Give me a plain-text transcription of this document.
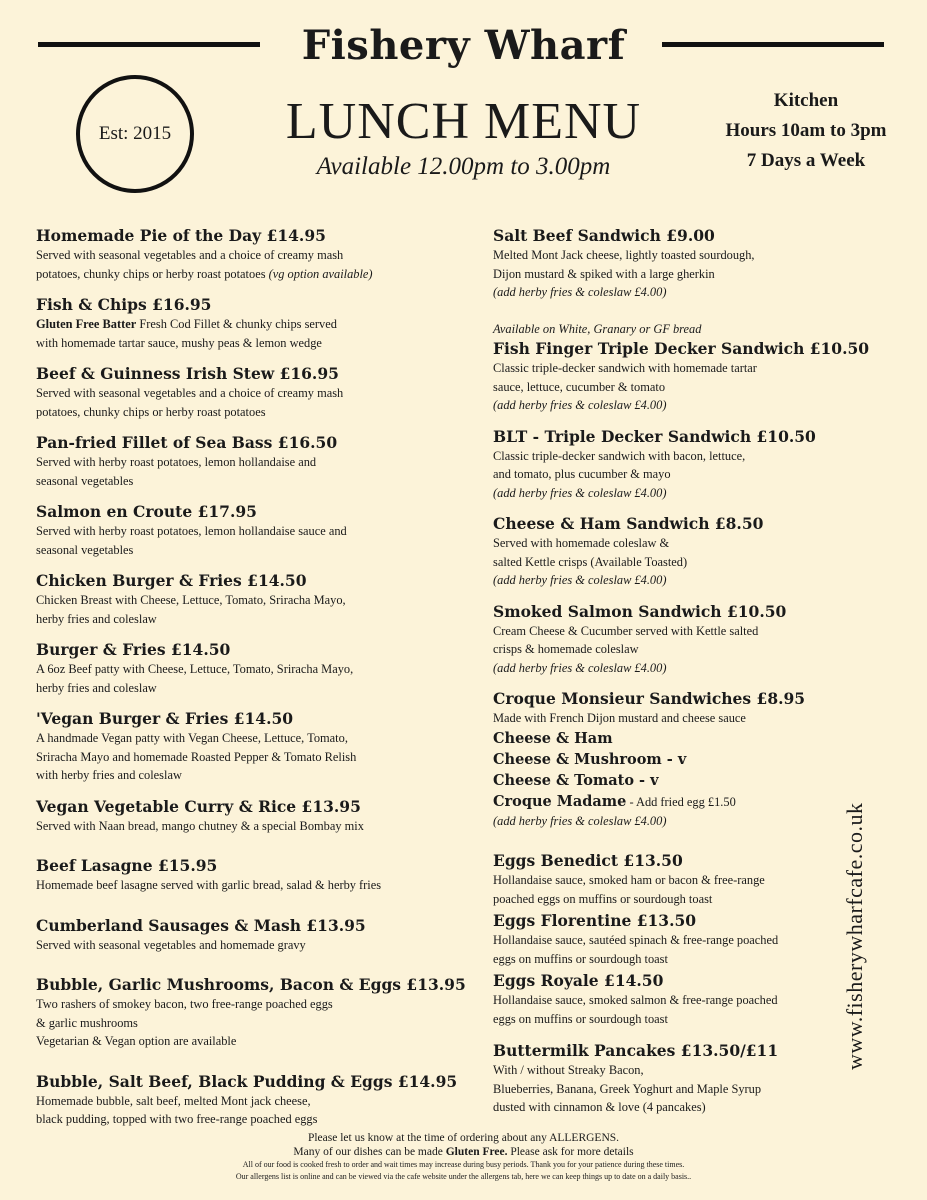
Fishery Wharf
LUNCH MENU
Available 12.00pm to 3.00pm
Est: 2015
Kitchen
Hours 10am to 3pm
7 Days a Week
Homemade Pie of the Day £14.95
Served with seasonal vegetables and a choice of creamy mash
potatoes, chunky chips or herby roast potatoes (vg option available)
Fish & Chips £16.95
Gluten Free Batter Fresh Cod Fillet & chunky chips served
with homemade tartar sauce, mushy peas & lemon wedge
Beef & Guinness Irish Stew £16.95
Served with seasonal vegetables and a choice of creamy mash
potatoes, chunky chips or herby roast potatoes
Pan-fried Fillet of Sea Bass £16.50
Served with herby roast potatoes, lemon hollandaise and
seasonal vegetables
Salmon en Croute £17.95
Served with herby roast potatoes, lemon hollandaise sauce and
seasonal vegetables
Chicken Burger & Fries £14.50
Chicken Breast with Cheese, Lettuce, Tomato, Sriracha Mayo,
herby fries and coleslaw
Burger & Fries £14.50
A 6oz Beef patty with Cheese, Lettuce, Tomato, Sriracha Mayo,
herby fries and coleslaw
'Vegan Burger & Fries £14.50
A handmade Vegan patty with Vegan Cheese, Lettuce, Tomato,
Sriracha Mayo and homemade Roasted Pepper & Tomato Relish
with herby fries and coleslaw
Vegan Vegetable Curry & Rice £13.95
Served with Naan bread, mango chutney & a special Bombay mix
Beef Lasagne £15.95
Homemade beef lasagne served with garlic bread, salad & herby fries
Cumberland Sausages & Mash £13.95
Served with seasonal vegetables and homemade gravy
Bubble, Garlic Mushrooms, Bacon & Eggs £13.95
Two rashers of smokey bacon, two free-range poached eggs
& garlic mushrooms
Vegetarian & Vegan option are available
Bubble, Salt Beef, Black Pudding & Eggs £14.95
Homemade bubble, salt beef, melted Mont jack cheese,
black pudding, topped with two free-range poached eggs
Salt Beef Sandwich £9.00
Melted Mont Jack cheese, lightly toasted sourdough,
Dijon mustard & spiked with a large gherkin
(add herby fries & coleslaw £4.00)
Available on White, Granary or GF bread
Fish Finger Triple Decker Sandwich £10.50
Classic triple-decker sandwich with homemade tartar
sauce, lettuce, cucumber & tomato
(add herby fries & coleslaw £4.00)
BLT - Triple Decker Sandwich £10.50
Classic triple-decker sandwich with bacon, lettuce,
and tomato, plus cucumber & mayo
(add herby fries & coleslaw £4.00)
Cheese & Ham Sandwich £8.50
Served with homemade coleslaw &
salted Kettle crisps (Available Toasted)
(add herby fries & coleslaw £4.00)
Smoked Salmon Sandwich £10.50
Cream Cheese & Cucumber served with Kettle salted
crisps & homemade coleslaw
(add herby fries & coleslaw £4.00)
Croque Monsieur Sandwiches £8.95
Made with French Dijon mustard and cheese sauce
Cheese & Ham
Cheese & Mushroom - v
Cheese & Tomato - v
Croque Madame - Add fried egg £1.50
(add herby fries & coleslaw £4.00)
Eggs Benedict £13.50
Hollandaise sauce, smoked ham or bacon & free-range
poached eggs on muffins or sourdough toast
Eggs Florentine £13.50
Hollandaise sauce, sautéed spinach & free-range poached
eggs on muffins or sourdough toast
Eggs Royale £14.50
Hollandaise sauce, smoked salmon & free-range poached
eggs on muffins or sourdough toast
Buttermilk Pancakes £13.50/£11
With / without Streaky Bacon,
Blueberries, Banana, Greek Yoghurt and Maple Syrup
dusted with cinnamon & love (4 pancakes)
www.fisherywharfcafe.co.uk
Please let us know at the time of ordering about any ALLERGENS.
Many of our dishes can be made Gluten Free. Please ask for more details
All of our food is cooked fresh to order and wait times may increase during busy periods. Thank you for your patience during these times.
Our allergens list is online and can be viewed via the cafe website under the allergens tab, here we can keep things up to date on a daily basis..
